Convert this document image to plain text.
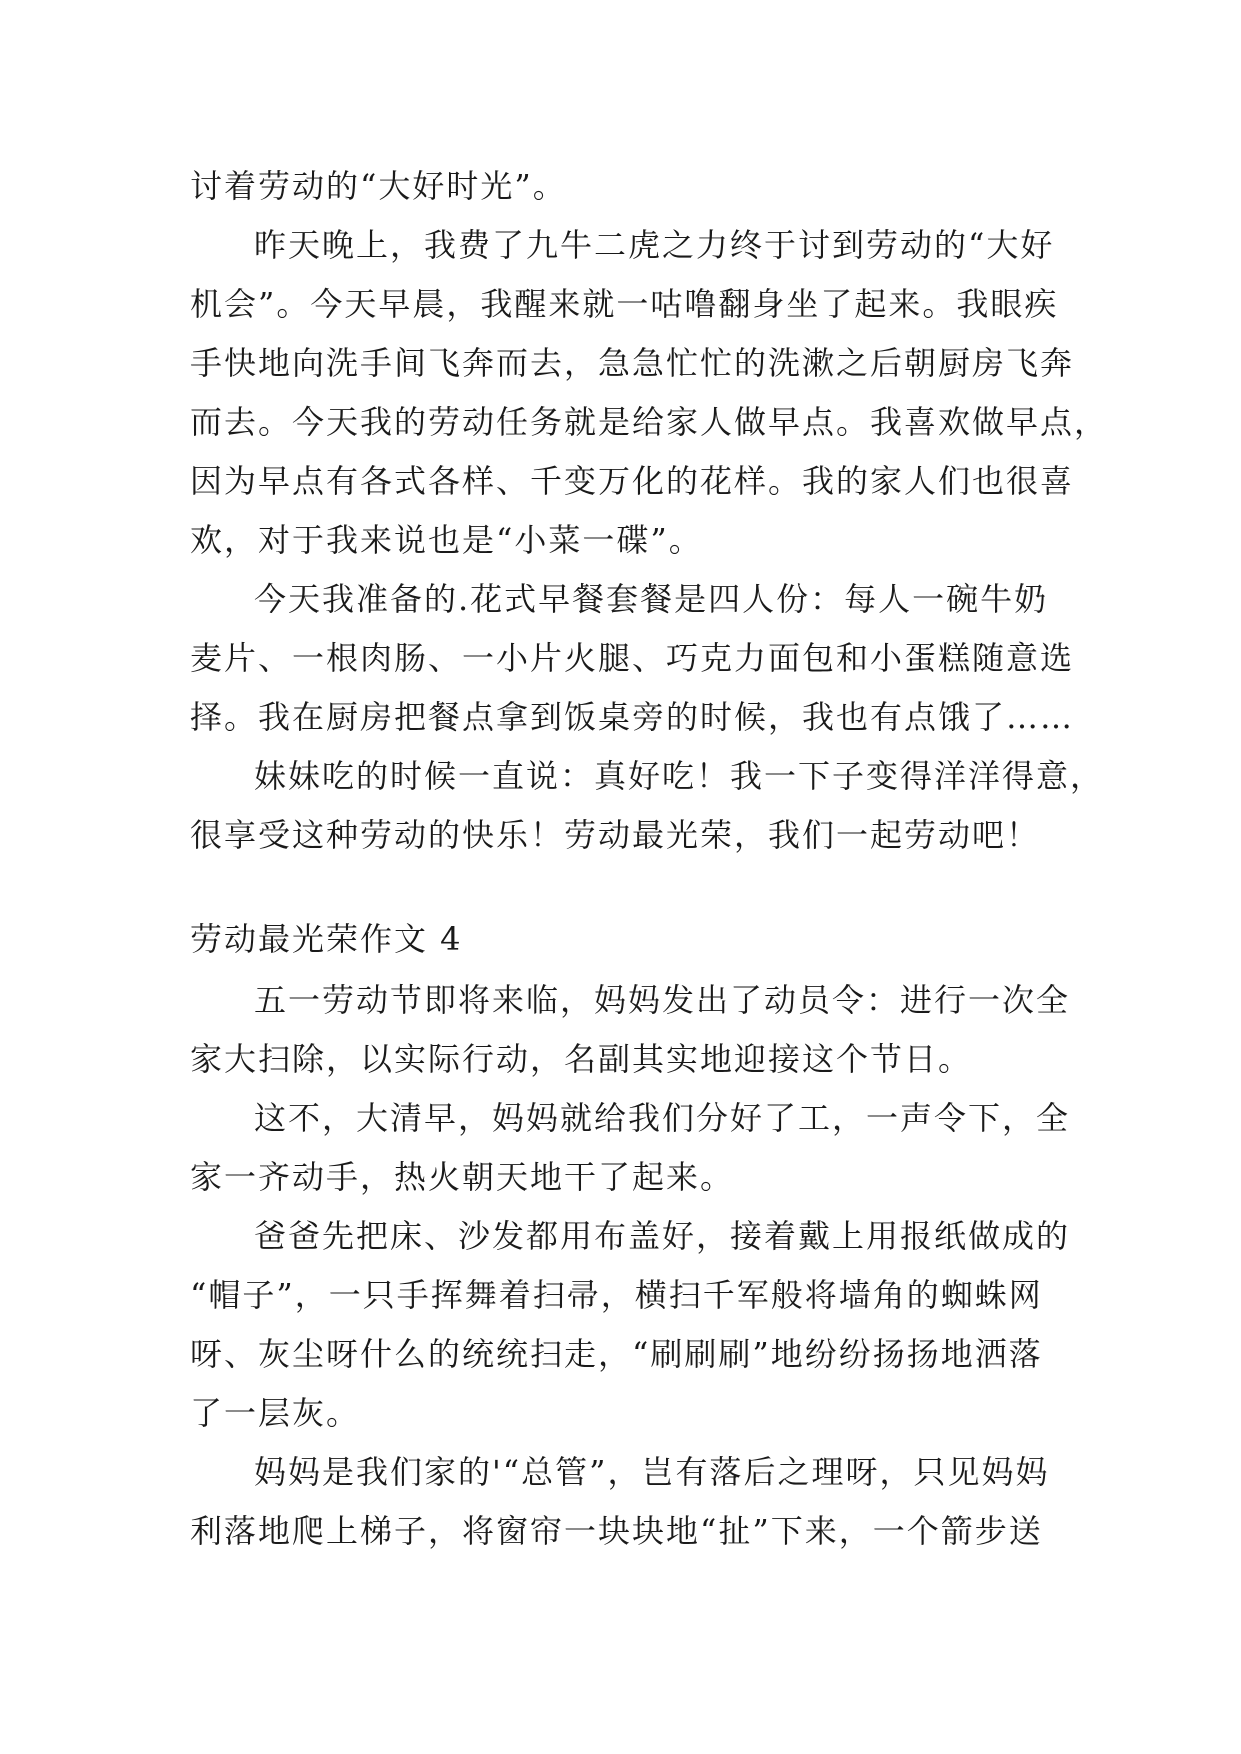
讨着劳动的“大好时光”。
昨天晚上，我费了九牛二虎之力终于讨到劳动的“大好
机会”。今天早晨，我醒来就一咕噜翻身坐了起来。我眼疾
手快地向洗手间飞奔而去，急急忙忙的洗漱之后朝厨房飞奔
而去。今天我的劳动任务就是给家人做早点。我喜欢做早点，
因为早点有各式各样、千变万化的花样。我的家人们也很喜
欢，对于我来说也是“小菜一碟”。
今天我准备的.花式早餐套餐是四人份：每人一碗牛奶
麦片、一根肉肠、一小片火腿、巧克力面包和小蛋糕随意选
择。我在厨房把餐点拿到饭桌旁的时候，我也有点饿了……
妹妹吃的时候一直说：真好吃！我一下子变得洋洋得意，
很享受这种劳动的快乐！劳动最光荣，我们一起劳动吧！
劳动最光荣作文 4
五一劳动节即将来临，妈妈发出了动员令：进行一次全
家大扫除，以实际行动，名副其实地迎接这个节日。
这不，大清早，妈妈就给我们分好了工，一声令下，全
家一齐动手，热火朝天地干了起来。
爸爸先把床、沙发都用布盖好，接着戴上用报纸做成的
“帽子”，一只手挥舞着扫帚，横扫千军般将墙角的蜘蛛网
呀、灰尘呀什么的统统扫走，“刷刷刷”地纷纷扬扬地洒落
了一层灰。
妈妈是我们家的'“总管”，岂有落后之理呀，只见妈妈
利落地爬上梯子，将窗帘一块块地“扯”下来，一个箭步送
